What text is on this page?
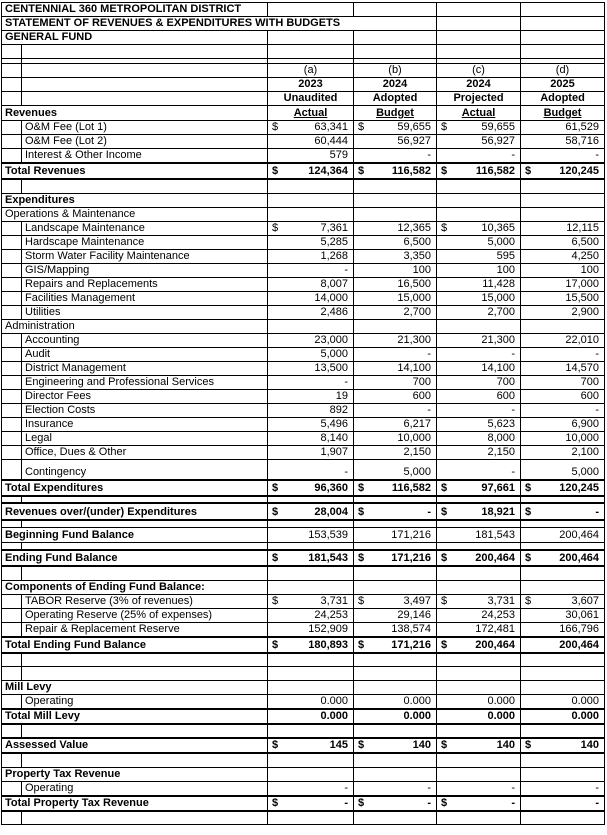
CENTENNIAL 360 METROPOLITAN DISTRICT					
STATEMENT OF REVENUES & EXPENDITURES WITH BUDGETS					
GENERAL FUND					

		(a)	(b)	(c)	(d)

		2023	2024	2024	2025

		Unaudited	Adopted	Projected	Adopted

Revenues		Actual	Budget	Actual	Budget

	O&M Fee (Lot 1)	$ 63,341	$ 59,655	$ 59,655	61,529

	O&M Fee (Lot 2)	60,444	56,927	56,927	58,716

	Interest & Other Income	579	-	-	-

Total Revenues		$ 124,364	$ 116,582	$ 116,582	$ 120,245

Expenditures					
Operations & Maintenance					
	Landscape Maintenance	$ 7,361	12,365	$ 10,365	12,115

	Hardscape Maintenance	5,285	6,500	5,000	6,500

	Storm Water Facility Maintenance	1,268	3,350	595	4,250

	GIS/Mapping	-	100	100	100

	Repairs and Replacements	8,007	16,500	11,428	17,000

	Facilities Management	14,000	15,000	15,000	15,500

	Utilities	2,486	2,700	2,700	2,900

Administration					
	Accounting	23,000	21,300	21,300	22,010

	Audit	5,000	-	-	-

	District Management	13,500	14,100	14,100	14,570

	Engineering and Professional Services	-	700	700	700

	Director Fees	19	600	600	600

	Election Costs	892	-	-	-

	Insurance	5,496	6,217	5,623	6,900

	Legal	8,140	10,000	8,000	10,000

	Office, Dues & Other	1,907	2,150	2,150	2,100

	Contingency	-	5,000	-	5,000

Total Expenditures		$ 96,360	$ 116,582	$ 97,661	$ 120,245

Revenues over/(under) Expenditures		$ 28,004	$ -	$ 18,921	$ -

Beginning Fund Balance		153,539	171,216	181,543	200,464

Ending Fund Balance		$ 181,543	$ 171,216	$ 200,464	$ 200,464

Components of Ending Fund Balance:					
	TABOR Reserve (3% of revenues)	$ 3,731	$ 3,497	$ 3,731	$ 3,607

	Operating Reserve (25% of expenses)	24,253	29,146	24,253	30,061

	Repair & Replacement Reserve	152,909	138,574	172,481	166,796

Total Ending Fund Balance		$ 180,893	$ 171,216	$ 200,464	200,464

Mill Levy					
	Operating	0.000	0.000	0.000	0.000

Total Mill Levy		0.000	0.000	0.000	0.000

Assessed Value		$ 145	$ 140	$ 140	$ 140

Property Tax Revenue					
	Operating	-	-	-	-

Total Property Tax Revenue		$ -	$ -	$ -	-
